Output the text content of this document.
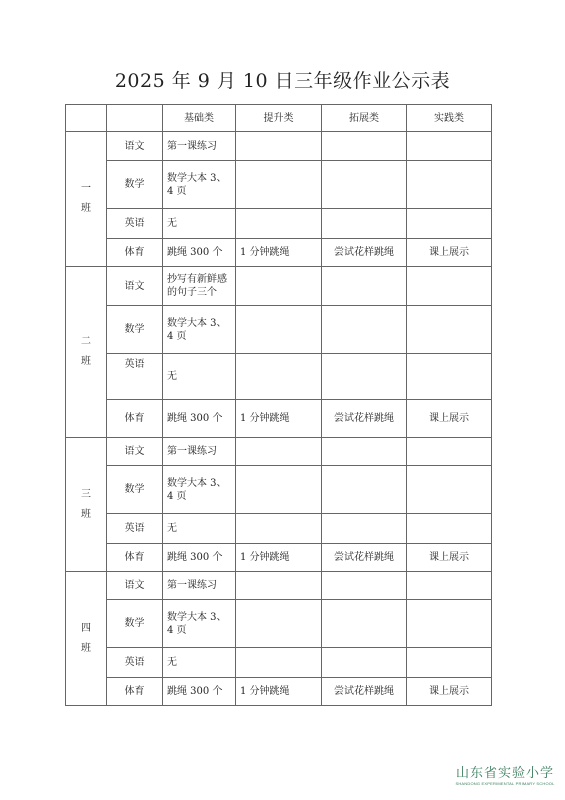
2025 年 9 月 10 日三年级作业公示表
		基础类	提升类	拓展类	实践类

一
班	语文	第一课练习			
	数学	数学大本 3、4 页			
	英语	无			
	体育	跳绳 300 个	1 分钟跳绳	尝试花样跳绳	课上展示

二
班	语文	抄写有新鲜感的句子三个			
	数学	数学大本 3、4 页			
	英语	无			
	体育	跳绳 300 个	1 分钟跳绳	尝试花样跳绳	课上展示

三
班	语文	第一课练习			
	数学	数学大本 3、4 页			
	英语	无			
	体育	跳绳 300 个	1 分钟跳绳	尝试花样跳绳	课上展示

四
班	语文	第一课练习			
	数学	数学大本 3、4 页			
	英语	无			
	体育	跳绳 300 个	1 分钟跳绳	尝试花样跳绳	课上展示
山东省实验小学
SHANDONG EXPERIMENTAL PRIMARY SCHOOL
